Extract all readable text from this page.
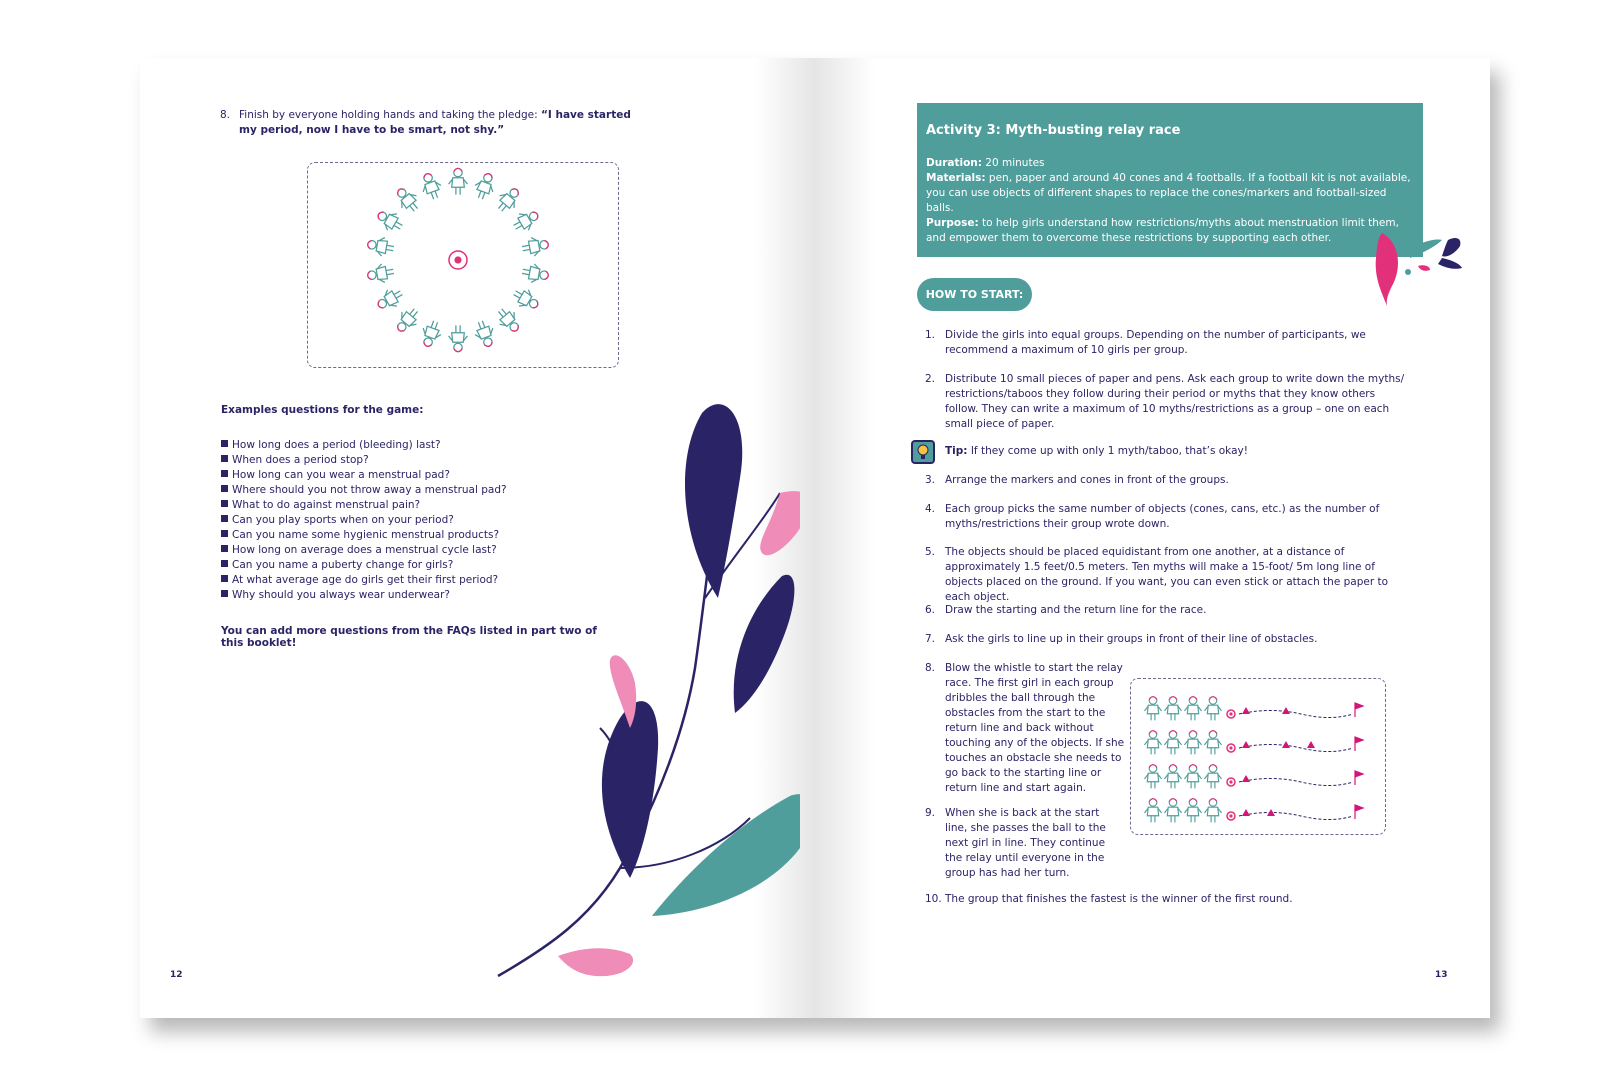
8. Finish by everyone holding hands and taking the pledge: “I have started my period, now I have to be smart, not shy.”
Examples questions for the game:
How long does a period (bleeding) last?
When does a period stop?
How long can you wear a menstrual pad?
Where should you not throw away a menstrual pad?
What to do against menstrual pain?
Can you play sports when on your period?
Can you name some hygienic menstrual products?
How long on average does a menstrual cycle last?
Can you name a puberty change for girls?
At what average age do girls get their first period?
Why should you always wear underwear?
You can add more questions from the FAQs listed in part two of this booklet!
12
Activity 3: Myth-busting relay race

Duration: 20 minutes

Materials: pen, paper and around 40 cones and 4 footballs. If a football kit is not available, you can use objects of different shapes to replace the cones/markers and football-sized balls.

Purpose: to help girls understand how restrictions/myths about menstruation limit them, and empower them to overcome these restrictions by supporting each other.

HOW TO START:
1. Divide the girls into equal groups. Depending on the number of participants, we recommend a maximum of 10 girls per group.
2. Distribute 10 small pieces of paper and pens. Ask each group to write down the myths/ restrictions/taboos they follow during their period or myths that they know others follow. They can write a maximum of 10 myths/restrictions as a group – one on each small piece of paper.
Tip: If they come up with only 1 myth/taboo, that’s okay!
3. Arrange the markers and cones in front of the groups.
4. Each group picks the same number of objects (cones, cans, etc.) as the number of myths/restrictions their group wrote down.
5. The objects should be placed equidistant from one another, at a distance of approximately 1.5 feet/0.5 meters. Ten myths will make a 15-foot/ 5m long line of objects placed on the ground. If you want, you can even stick or attach the paper to each object.
6. Draw the starting and the return line for the race.
7. Ask the girls to line up in their groups in front of their line of obstacles.
8. Blow the whistle to start the relay race. The first girl in each group dribbles the ball through the obstacles from the start to the return line and back without touching any of the objects. If she touches an obstacle she needs to go back to the starting line or return line and start again.
9. When she is back at the start line, she passes the ball to the next girl in line. They continue the relay until everyone in the group has had her turn.
10. The group that finishes the fastest is the winner of the first round.
13
